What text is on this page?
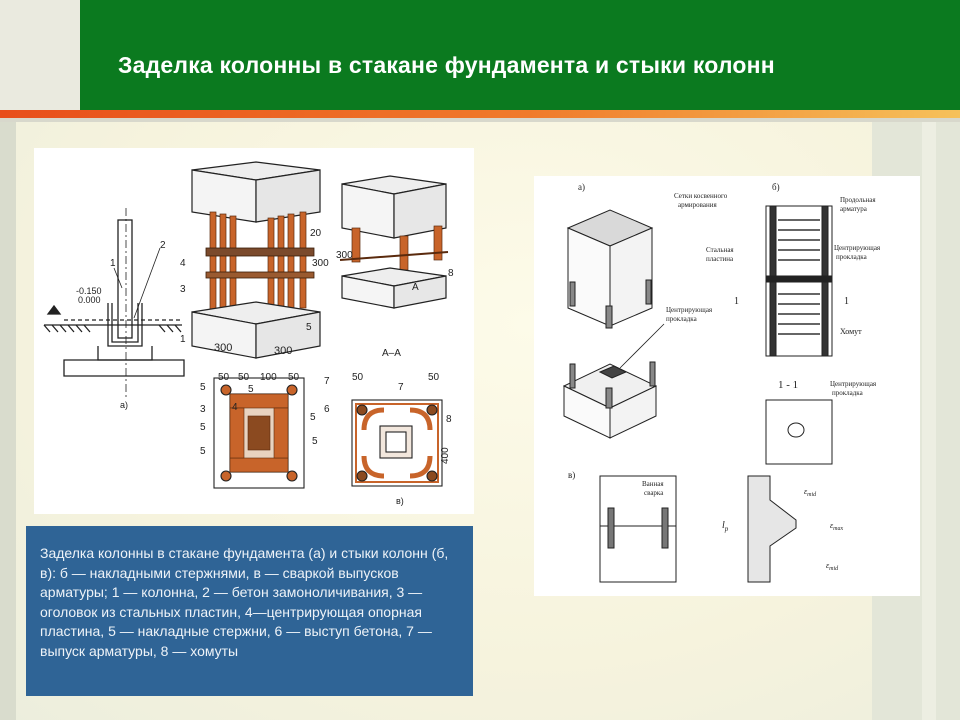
Заделка колонны в стакане фундамента и стыки колонн
-0.150
0.000
2
1
а)
4
3
1
5
20
300
300	300
8
А
300
50 50 100 50
5
3
5
5
5
4
5
5
А–А
50	50
7
7
6
8
400
в)
а)	б)
в)
Центрирующая
прокладка
Сетки косвенного
армирования
Продольная
арматура
Стальная
пластина
Центрирующая
прокладка
1	1
Хомут
1 - 1	Центрирующая
прокладка
Ванная
сварка
$l_p$
$\varepsilon_{mid}$
$\varepsilon_{max}$
$\varepsilon_{mid}$

Заделка колонны в стакане фундамента (а) и стыки колонн (б, в): б — накладными стержнями, в — сваркой выпусков арматуры; 1 — колонна, 2 — бетон замоноличивания, 3 — оголовок из стальных пластин, 4—центрирующая опорная пластина, 5 — накладные стержни, 6 — выступ бетона, 7 — выпуск арматуры, 8 — хомуты
